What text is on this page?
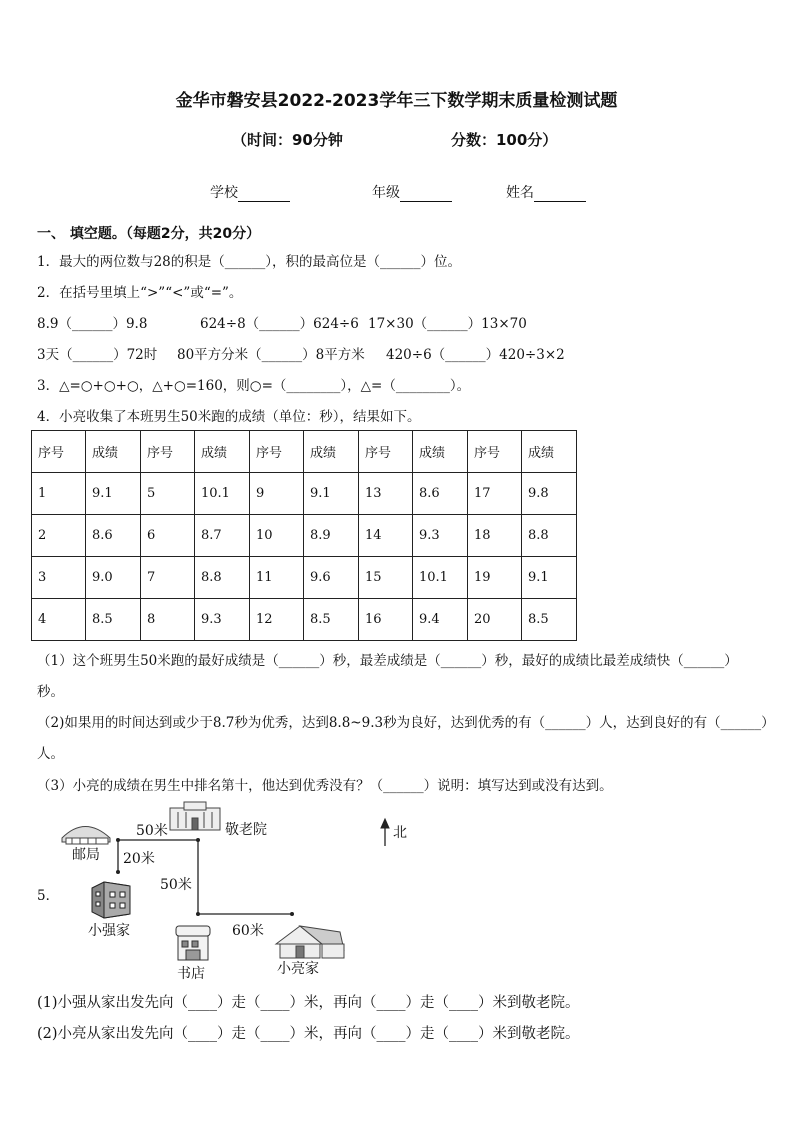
金华市磐安县2022-2023学年三下数学期末质量检测试题
（时间：90分钟	分数：100分）
学校	年级	姓名
一、 填空题。（每题2分，共20分）
1．最大的两位数与28的积是（______），积的最高位是（______）位。
2．在括号里填上“>”“<”或“=”。
8.9（______）9.8	624÷8（______）624÷6 17×30（______）13×70
3天（______）72时 80平方分米（______）8平方米 420÷6（______）420÷3×2
3．△=○+○+○，△+○=160，则○=（________），△=（________）。
4．小亮收集了本班男生50米跑的成绩（单位：秒），结果如下。
序号	成绩	序号	成绩	序号	成绩	序号	成绩	序号	成绩
1	9.1	5	10.1	9	9.1	13	8.6	17	9.8
2	8.6	6	8.7	10	8.9	14	9.3	18	8.8
3	9.0	7	8.8	11	9.6	15	10.1	19	9.1
4	8.5	8	9.3	12	8.5	16	9.4	20	8.5
（1）这个班男生50米跑的最好成绩是（______）秒，最差成绩是（______）秒，最好的成绩比最差成绩快（______）
秒。
（2)如果用的时间达到或少于8.7秒为优秀，达到8.8~9.3秒为良好，达到优秀的有（______）人，达到良好的有（______）
人。
（3）小亮的成绩在男生中排名第十，他达到优秀没有？（______）说明：填写达到或没有达到。
5．
邮局
敬老院
小强家
书店	小亮家
北
50米
20米
50米
60米
(1)小强从家出发先向（____）走（____）米，再向（____）走（____）米到敬老院。
(2)小亮从家出发先向（____）走（____）米，再向（____）走（____）米到敬老院。
